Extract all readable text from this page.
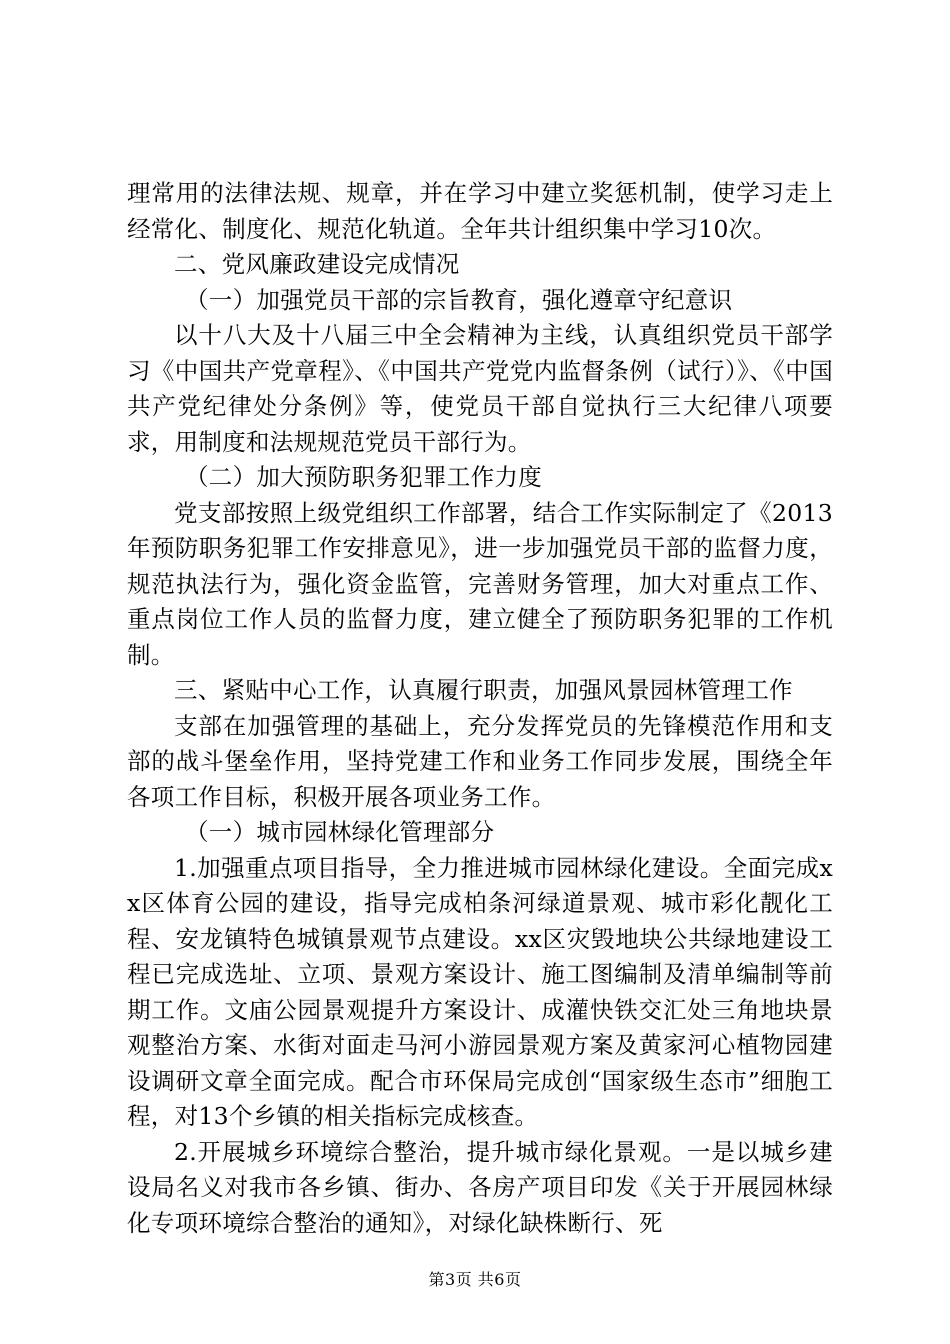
理常用的法律法规、规章，并在学习中建立奖惩机制，使学习走上经常化、制度化、规范化轨道。全年共计组织集中学习10次。

二、党风廉政建设完成情况

（一）加强党员干部的宗旨教育，强化遵章守纪意识

以十八大及十八届三中全会精神为主线，认真组织党员干部学习《中国共产党章程》、《中国共产党党内监督条例（试行）》、《中国共产党纪律处分条例》等，使党员干部自觉执行三大纪律八项要求，用制度和法规规范党员干部行为。

（二）加大预防职务犯罪工作力度

党支部按照上级党组织工作部署，结合工作实际制定了《2013年预防职务犯罪工作安排意见》，进一步加强党员干部的监督力度，规范执法行为，强化资金监管，完善财务管理，加大对重点工作、重点岗位工作人员的监督力度，建立健全了预防职务犯罪的工作机制。

三、紧贴中心工作，认真履行职责，加强风景园林管理工作

支部在加强管理的基础上，充分发挥党员的先锋模范作用和支部的战斗堡垒作用，坚持党建工作和业务工作同步发展，围绕全年各项工作目标，积极开展各项业务工作。

（一）城市园林绿化管理部分

1.加强重点项目指导，全力推进城市园林绿化建设。全面完成xx区体育公园的建设，指导完成柏条河绿道景观、城市彩化靓化工程、安龙镇特色城镇景观节点建设。xx区灾毁地块公共绿地建设工程已完成选址、立项、景观方案设计、施工图编制及清单编制等前期工作。文庙公园景观提升方案设计、成灌快铁交汇处三角地块景观整治方案、水街对面走马河小游园景观方案及黄家河心植物园建设调研文章全面完成。配合市环保局完成创“国家级生态市”细胞工程，对13个乡镇的相关指标完成核查。

2.开展城乡环境综合整治，提升城市绿化景观。一是以城乡建设局名义对我市各乡镇、街办、各房产项目印发《关于开展园林绿化专项环境综合整治的通知》，对绿化缺株断行、死

第3页 共6页
